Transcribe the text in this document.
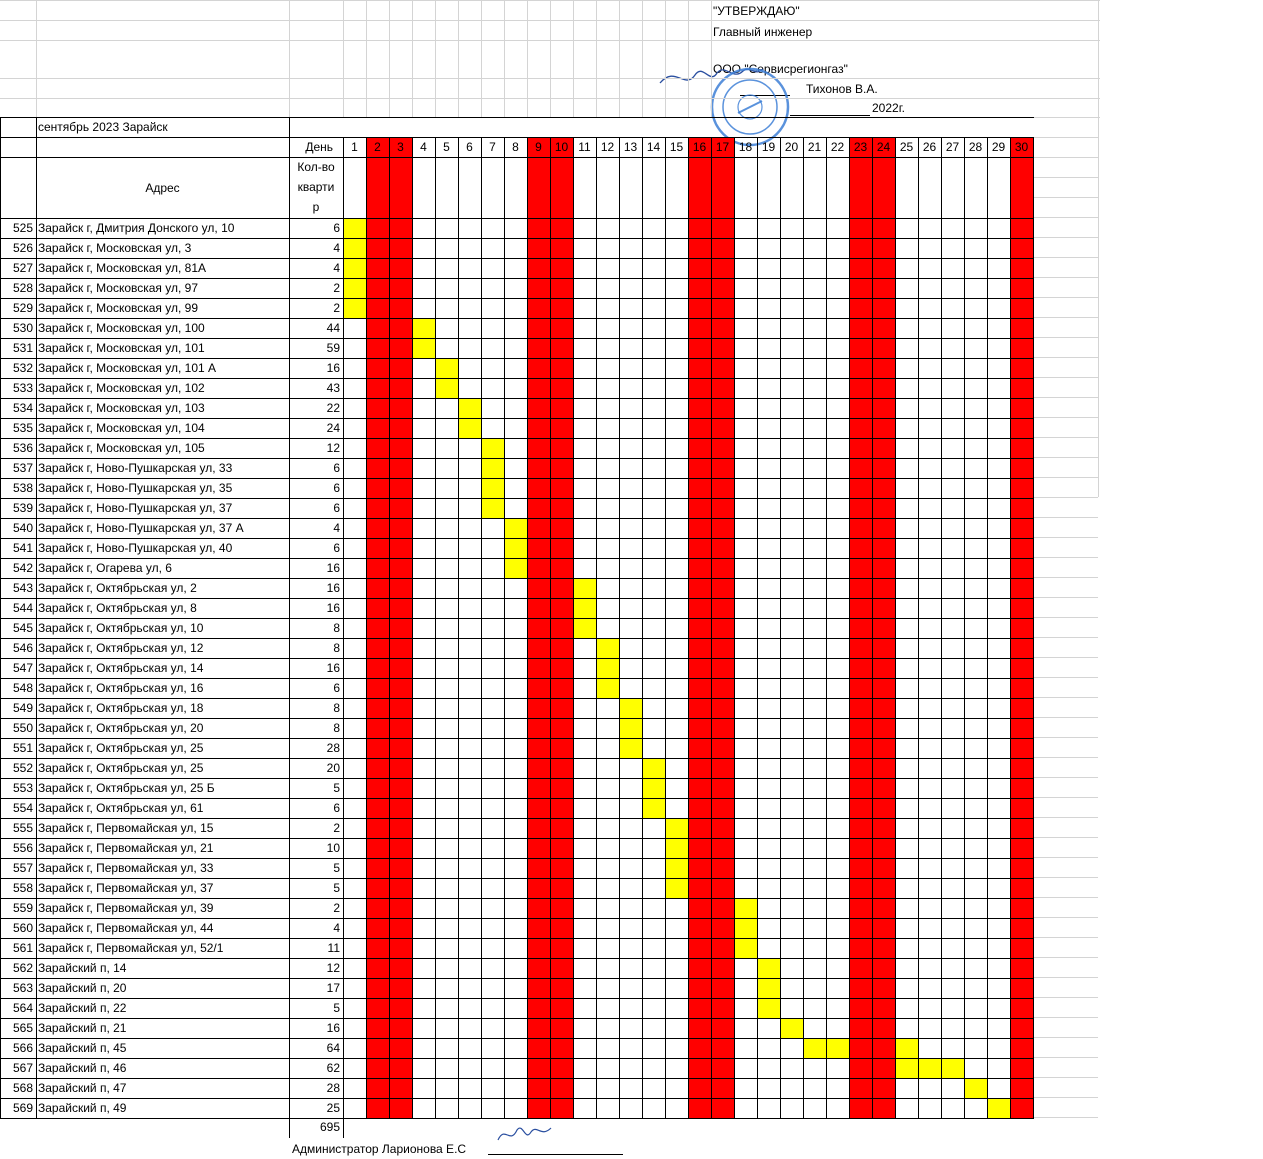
"УТВЕРЖДАЮ"
Главный инженер
ООО "Сервисрегионгаз"
Тихонов В.А.
2022г.
695
Администратор Ларионова Е.С
сентябрь 2023 Зарайск
День
Адрес
Кол-во
кварти
р
1	2	3	4	5	6	7	8	9	10 11 12 13 14 15 16 17 18 19 20 21 22 23 24 25 26 27 28 29 30
525 Зарайск г, Дмитрия Донского ул, 10	6
526 Зарайск г, Московская ул, 3	4
527 Зарайск г, Московская ул, 81А	4
528 Зарайск г, Московская ул, 97	2
529 Зарайск г, Московская ул, 99	2
530 Зарайск г, Московская ул, 100	44
531 Зарайск г, Московская ул, 101	59
532 Зарайск г, Московская ул, 101 А	16
533 Зарайск г, Московская ул, 102	43
534 Зарайск г, Московская ул, 103	22
535 Зарайск г, Московская ул, 104	24
536 Зарайск г, Московская ул, 105	12
537 Зарайск г, Ново-Пушкарская ул, 33	6
538 Зарайск г, Ново-Пушкарская ул, 35	6
539 Зарайск г, Ново-Пушкарская ул, 37	6
540 Зарайск г, Ново-Пушкарская ул, 37 А	4
541 Зарайск г, Ново-Пушкарская ул, 40	6
542 Зарайск г, Огарева ул, 6	16
543 Зарайск г, Октябрьская ул, 2	16
544 Зарайск г, Октябрьская ул, 8	16
545 Зарайск г, Октябрьская ул, 10	8
546 Зарайск г, Октябрьская ул, 12	8
547 Зарайск г, Октябрьская ул, 14	16
548 Зарайск г, Октябрьская ул, 16	6
549 Зарайск г, Октябрьская ул, 18	8
550 Зарайск г, Октябрьская ул, 20	8
551 Зарайск г, Октябрьская ул, 25	28
552 Зарайск г, Октябрьская ул, 25	20
553 Зарайск г, Октябрьская ул, 25 Б	5
554 Зарайск г, Октябрьская ул, 61	6
555 Зарайск г, Первомайская ул, 15	2
556 Зарайск г, Первомайская ул, 21	10
557 Зарайск г, Первомайская ул, 33	5
558 Зарайск г, Первомайская ул, 37	5
559 Зарайск г, Первомайская ул, 39	2
560 Зарайск г, Первомайская ул, 44	4
561 Зарайск г, Первомайская ул, 52/1	11
562 Зарайский п, 14	12
563 Зарайский п, 20	17
564 Зарайский п, 22	5
565 Зарайский п, 21	16
566 Зарайский п, 45	64
567 Зарайский п, 46	62
568 Зарайский п, 47	28
569 Зарайский п, 49	25
